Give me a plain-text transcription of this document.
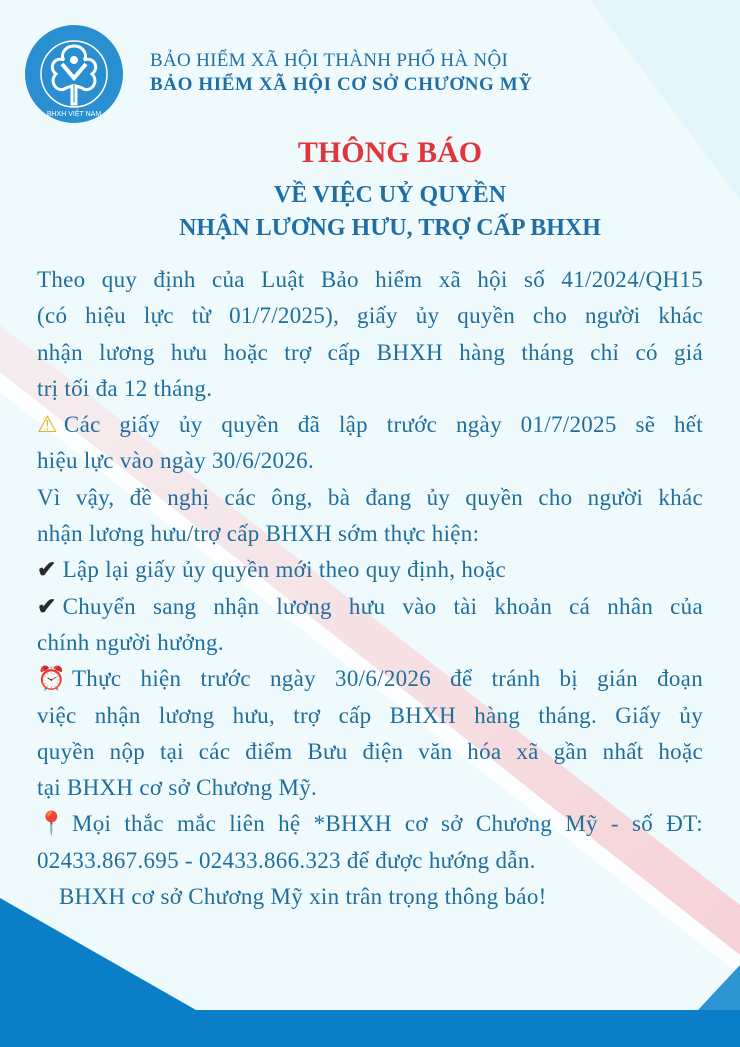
BHXH VIỆT NAM
BẢO HIỂM XÃ HỘI THÀNH PHỐ HÀ NỘI
BẢO HIỂM XÃ HỘI CƠ SỞ CHƯƠNG MỸ
THÔNG BÁO
VỀ VIỆC UỶ QUYỀN
NHẬN LƯƠNG HƯU, TRỢ CẤP BHXH
Theo quy định của Luật Bảo hiểm xã hội số 41/2024/QH15
(có hiệu lực từ 01/7/2025), giấy ủy quyền cho người khác
nhận lương hưu hoặc trợ cấp BHXH hàng tháng chỉ có giá
trị tối đa 12 tháng.
⚠ Các giấy ủy quyền đã lập trước ngày 01/7/2025 sẽ hết
hiệu lực vào ngày 30/6/2026.
Vì vậy, đề nghị các ông, bà đang ủy quyền cho người khác
nhận lương hưu/trợ cấp BHXH sớm thực hiện:
✔ Lập lại giấy ủy quyền mới theo quy định, hoặc
✔ Chuyển sang nhận lương hưu vào tài khoản cá nhân của
chính người hưởng.
⏰ Thực hiện trước ngày 30/6/2026 để tránh bị gián đoạn
việc nhận lương hưu, trợ cấp BHXH hàng tháng. Giấy ủy
quyền nộp tại các điểm Bưu điện văn hóa xã gần nhất hoặc
tại BHXH cơ sở Chương Mỹ.
📍 Mọi thắc mắc liên hệ *BHXH cơ sở Chương Mỹ - số ĐT:
02433.867.695 - 02433.866.323 để được hướng dẫn.
BHXH cơ sở Chương Mỹ xin trân trọng thông báo!
